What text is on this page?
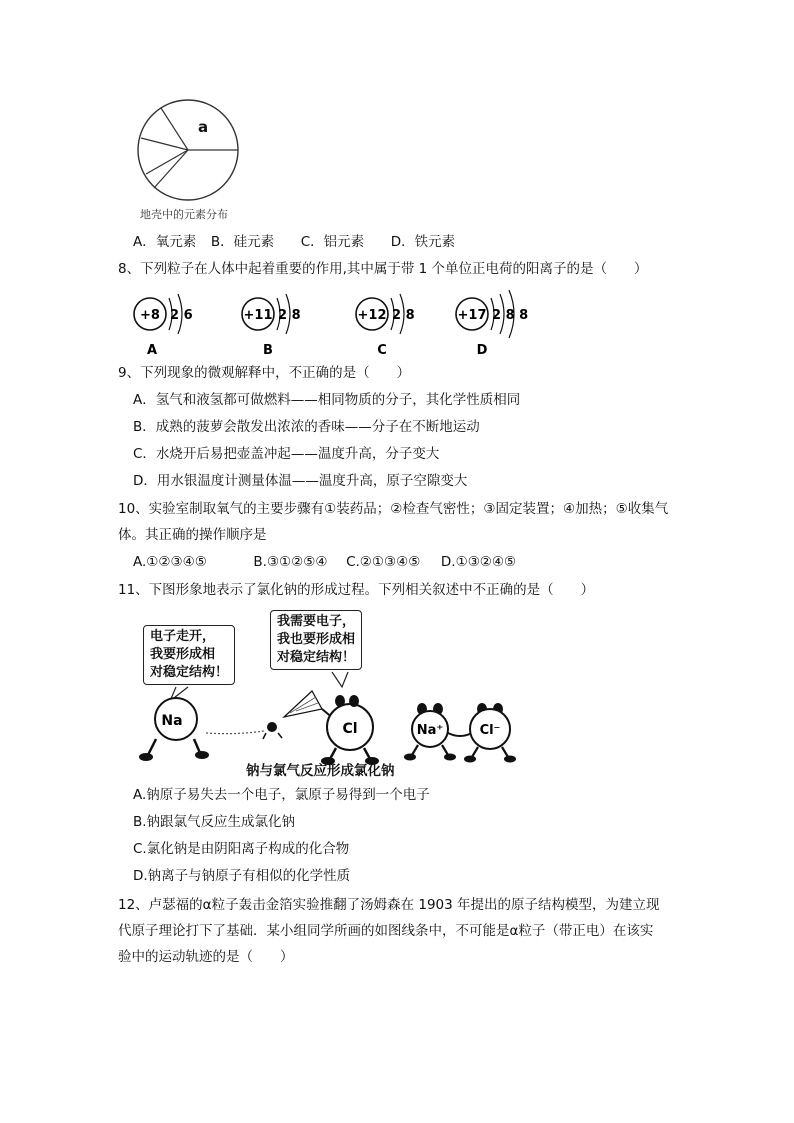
a
地壳中的元素分布
A．氧元素 B．硅元素 C．铝元素 D．铁元素
8、下列粒子在人体中起着重要的作用,其中属于带 1 个单位正电荷的阳离子的是（　　）
+8 2 6
A
+11 2 8
B
+12 2 8
C
+17 2 8 8
D
9、下列现象的微观解释中，不正确的是（　　）
A．氢气和液氢都可做燃料——相同物质的分子，其化学性质相同
B．成熟的菠萝会散发出浓浓的香味——分子在不断地运动
C．水烧开后易把壶盖冲起——温度升高，分子变大
D．用水银温度计测量体温——温度升高，原子空隙变大
10、实验室制取氧气的主要步骤有①装药品；②检查气密性；③固定装置；④加热；⑤收集气
体。其正确的操作顺序是
A.①②③④⑤	B.③①②⑤④ C.②①③④⑤ D.①③②④⑤
11、下图形象地表示了氯化钠的形成过程。下列相关叙述中不正确的是（　　）
电子走开，
我要形成相
对稳定结构！
我需要电子，
我也要形成相
对稳定结构！
Na	Cl	Na⁺	Cl⁻
钠与氯气反应形成氯化钠
A.钠原子易失去一个电子，氯原子易得到一个电子
B.钠跟氯气反应生成氯化钠
C.氯化钠是由阴阳离子构成的化合物
D.钠离子与钠原子有相似的化学性质
12、卢瑟福的α粒子轰击金箔实验推翻了汤姆森在 1903 年提出的原子结构模型，为建立现
代原子理论打下了基础．某小组同学所画的如图线条中，不可能是α粒子（带正电）在该实
验中的运动轨迹的是（　　）
